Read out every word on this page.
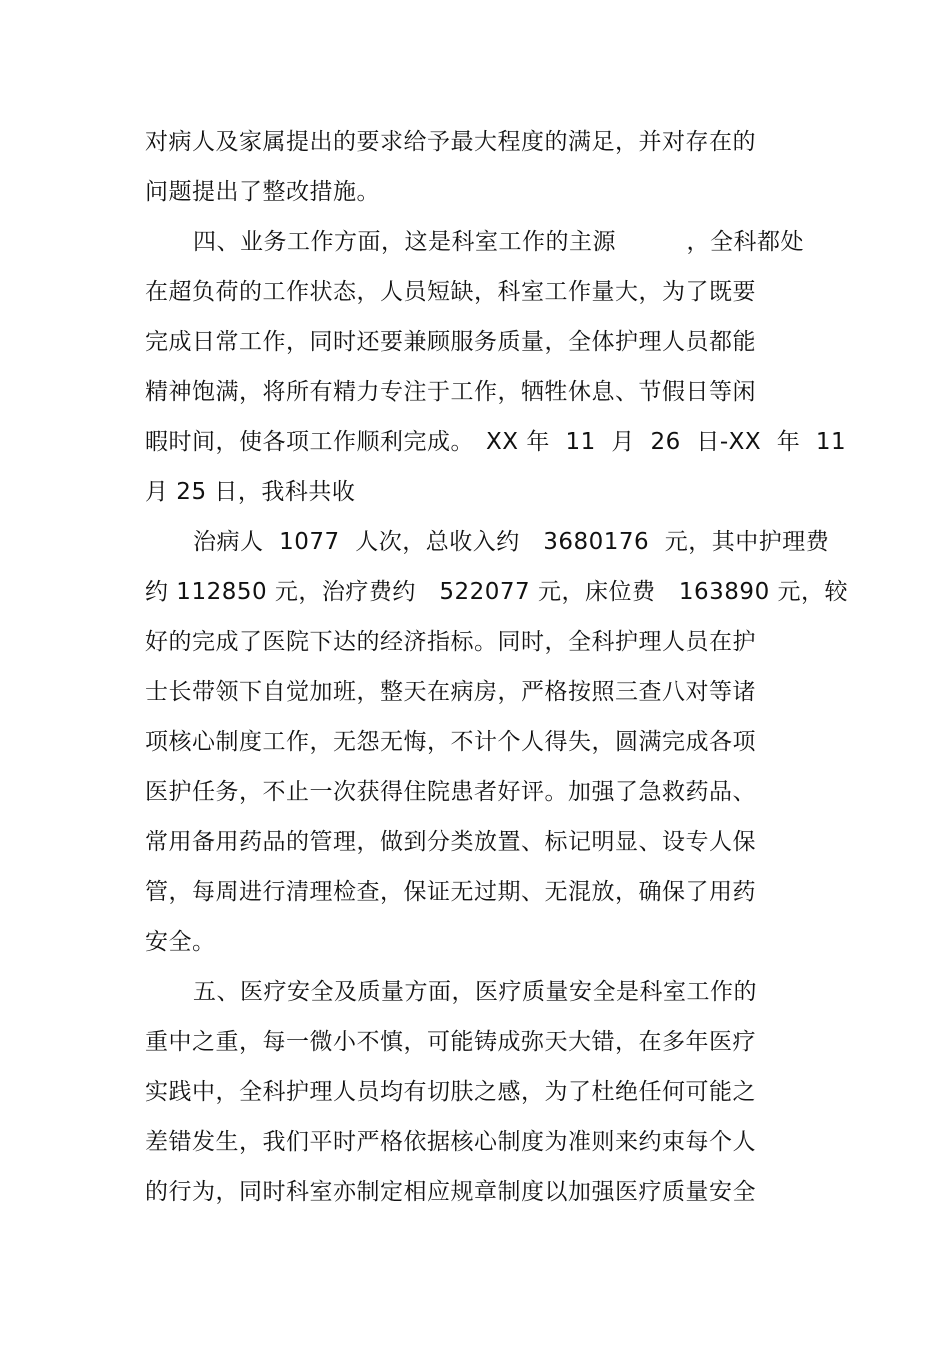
对病人及家属提出的要求给予最大程度的满足，并对存在的
问题提出了整改措施。
四、业务工作方面，这是科室工作的主源　　　，全科都处
在超负荷的工作状态，人员短缺，科室工作量大，为了既要
完成日常工作，同时还要兼顾服务质量，全体护理人员都能
精神饱满，将所有精力专注于工作，牺牲休息、节假日等闲
暇时间，使各项工作顺利完成。　XX 年  11  月  26  日-XX  年  11
月 25 日，我科共收
治病人  1077  人次，总收入约   3680176  元，其中护理费
约 112850 元，治疗费约   522077 元，床位费   163890 元，较
好的完成了医院下达的经济指标。同时，全科护理人员在护
士长带领下自觉加班，整天在病房，严格按照三查八对等诸
项核心制度工作，无怨无悔，不计个人得失，圆满完成各项
医护任务，不止一次获得住院患者好评。加强了急救药品、
常用备用药品的管理，做到分类放置、标记明显、设专人保
管，每周进行清理检查，保证无过期、无混放，确保了用药
安全。
五、医疗安全及质量方面，医疗质量安全是科室工作的
重中之重，每一微小不慎，可能铸成弥天大错，在多年医疗
实践中，全科护理人员均有切肤之感，为了杜绝任何可能之
差错发生，我们平时严格依据核心制度为准则来约束每个人
的行为，同时科室亦制定相应规章制度以加强医疗质量安全
